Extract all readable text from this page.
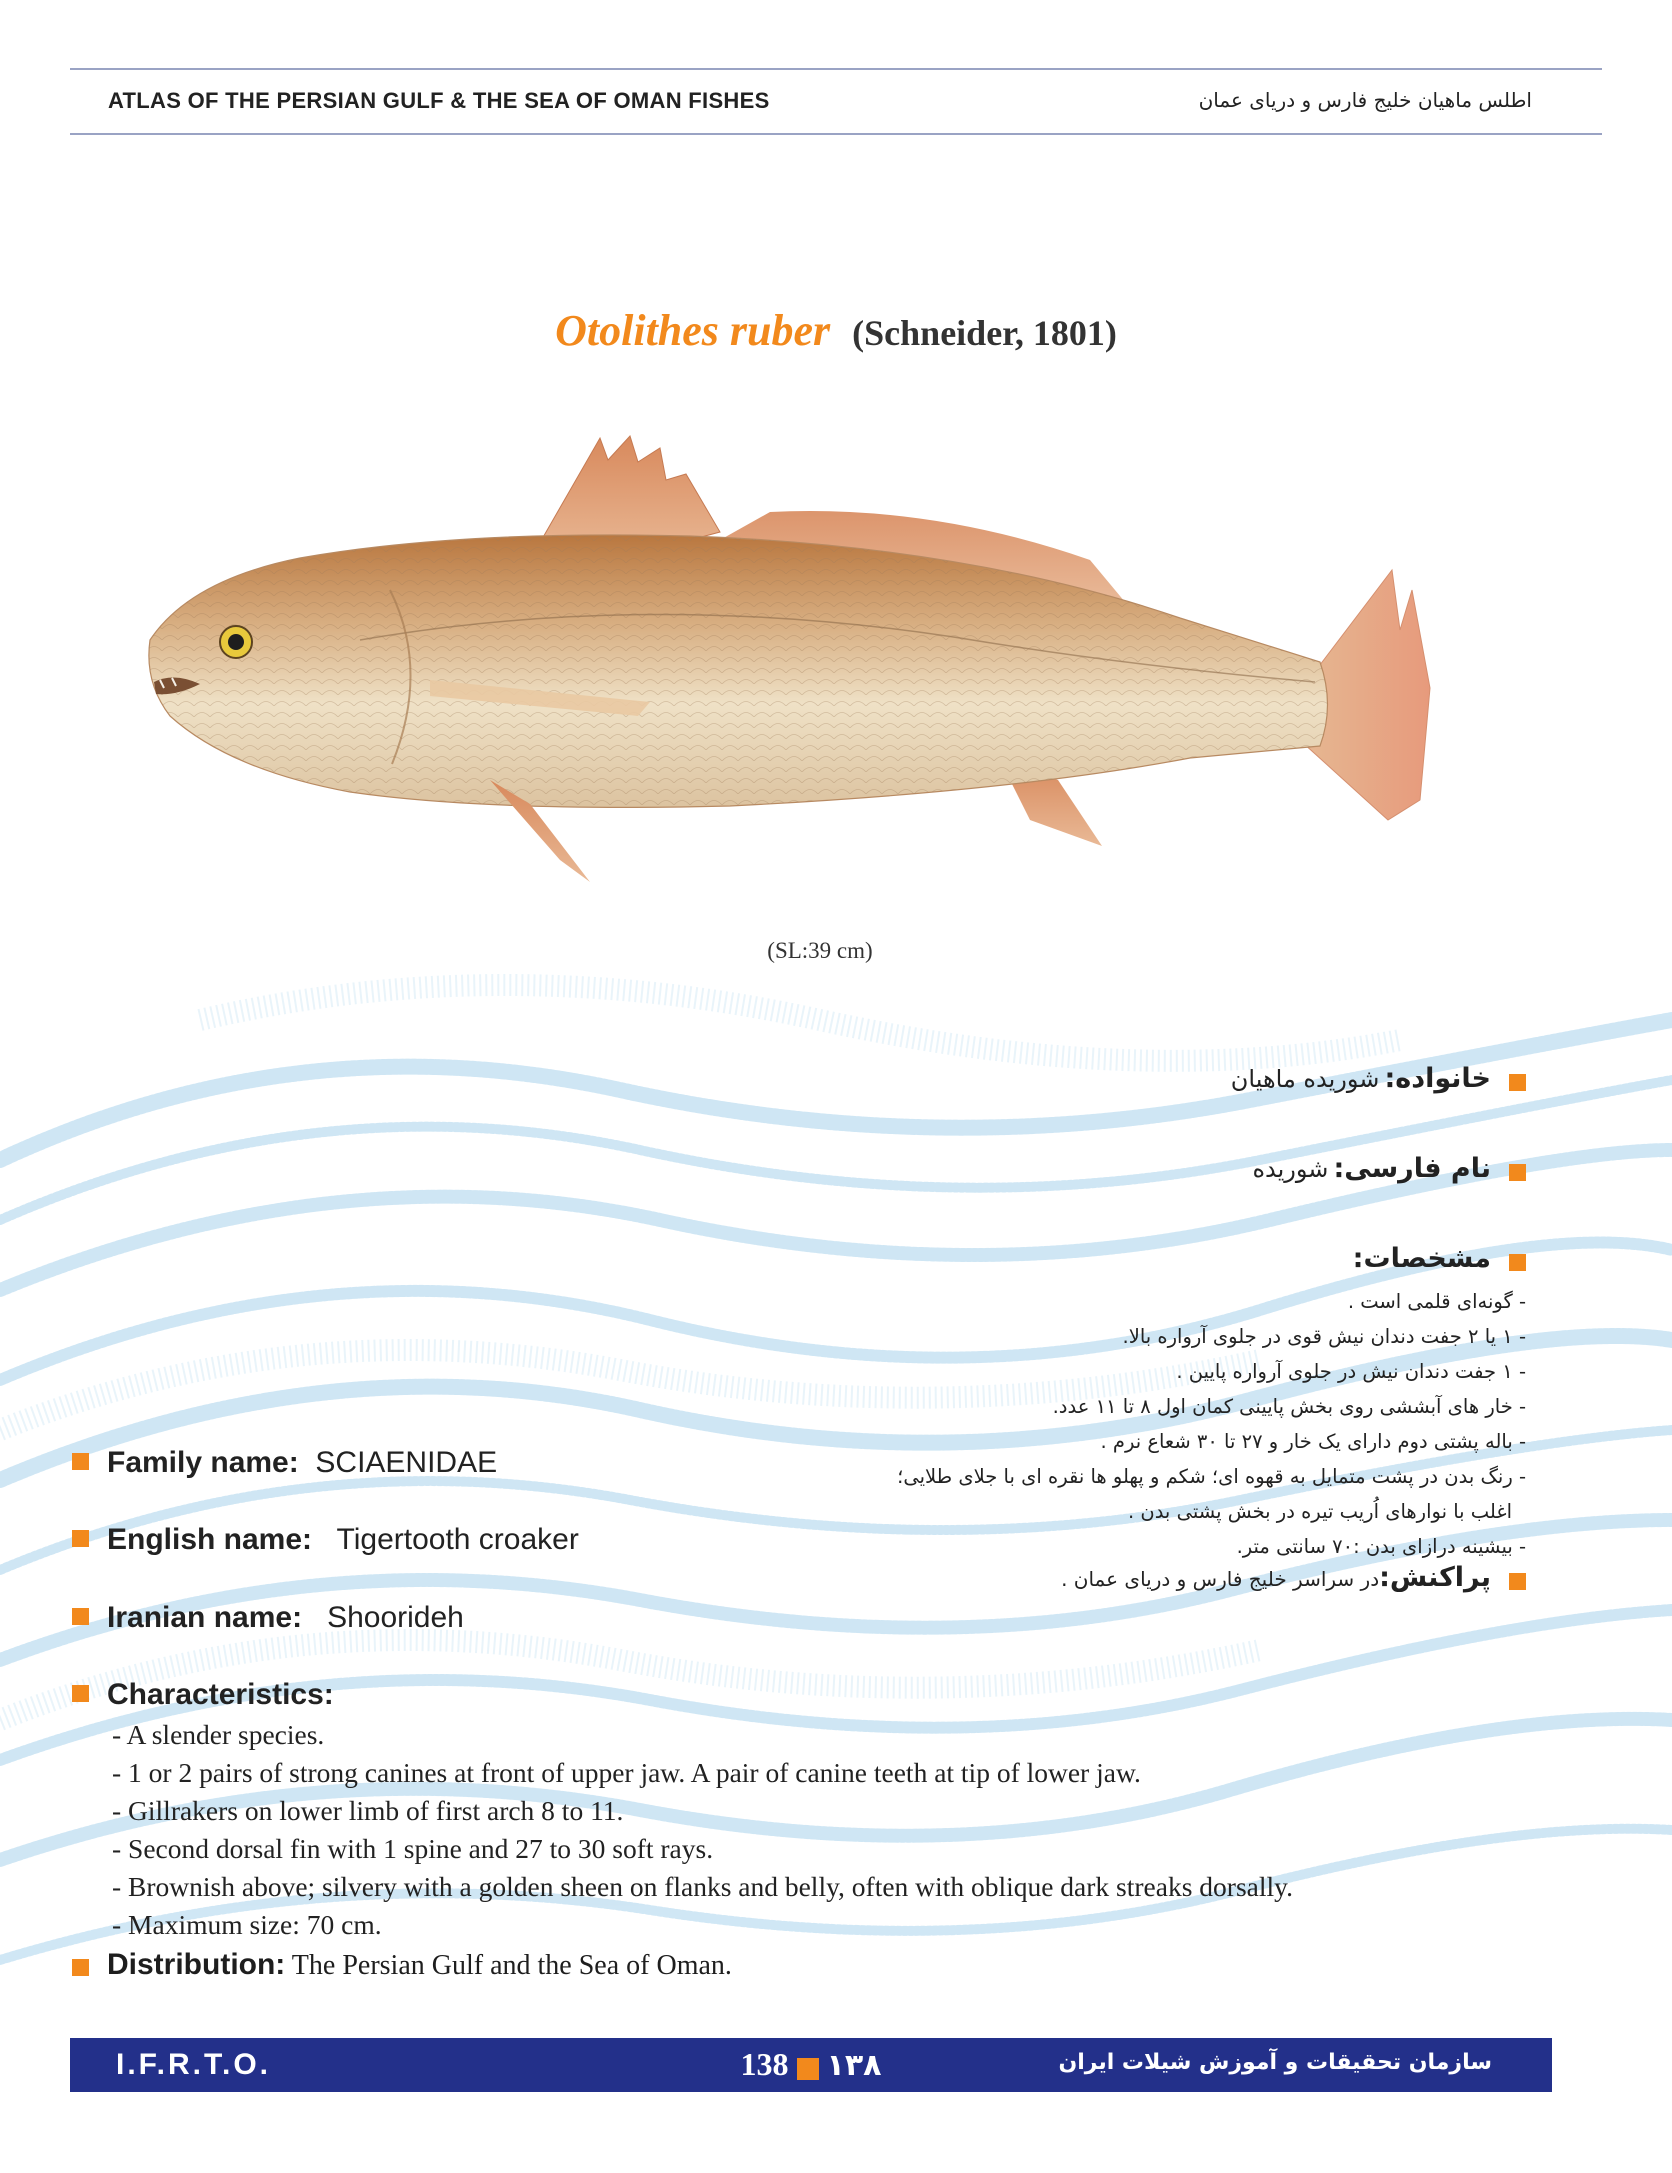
ATLAS OF THE PERSIAN GULF & THE SEA OF OMAN FISHES	اطلس ماهیان خلیج فارس و دریای عمان
Otolithes ruber (Schneider, 1801)
(SL:39 cm)
خانواده: شوریده ماهیان
نام فارسی: شوریده
مشخصات:
- گونه‌ای قلمی است .
- ۱ یا ۲ جفت دندان نیش قوی در جلوی آرواره بالا.
- ۱ جفت دندان نیش در جلوی آرواره پایین .
- خار های آبششی روی بخش پایینی کمان اول ۸ تا ۱۱ عدد.
- باله پشتی دوم دارای یک خار و ۲۷ تا ۳۰ شعاع نرم .
- رنگ بدن در پشت متمایل به قهوه ای؛ شکم و پهلو ها نقره ای با جلای طلایی؛
اغلب با نوارهای اُریب تیره در بخش پشتی بدن .
- بیشینه درازای بدن :۷۰ سانتی متر.
پراکنش:در سراسر خلیج فارس و دریای عمان .
Family name: SCIAENIDAE
English name: Tigertooth croaker
Iranian name: Shoorideh
Characteristics:
- A slender species.
- 1 or 2 pairs of strong canines at front of upper jaw. A pair of canine teeth at tip of lower jaw.
- Gillrakers on lower limb of first arch 8 to 11.
- Second dorsal fin with 1 spine and 27 to 30 soft rays.
- Brownish above; silvery with a golden sheen on flanks and belly, often with oblique dark streaks dorsally.
- Maximum size: 70 cm.
Distribution: The Persian Gulf and the Sea of Oman.
I.F.R.T.O.	138 ۱۳۸	سازمان تحقیقات و آموزش شیلات ایران
